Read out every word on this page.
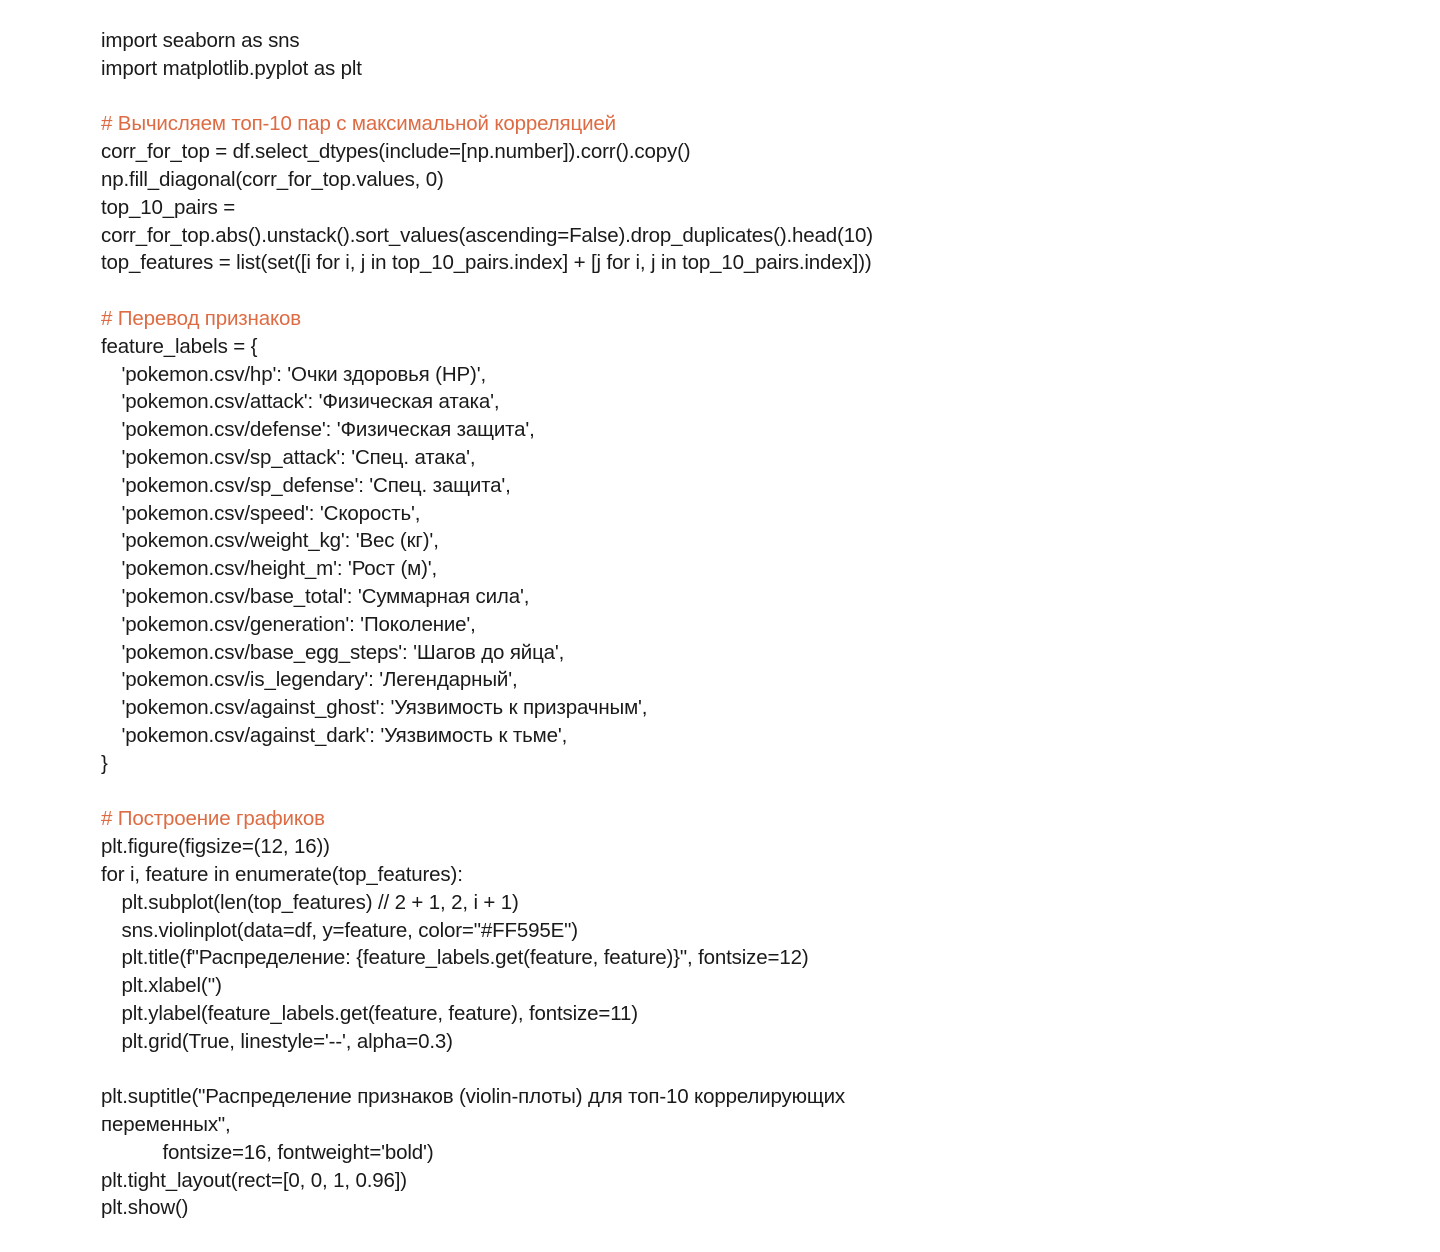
import seaborn as sns
import matplotlib.pyplot as plt

# Вычисляем топ-10 пар с максимальной корреляцией
corr_for_top = df.select_dtypes(include=[np.number]).corr().copy()
np.fill_diagonal(corr_for_top.values, 0)
top_10_pairs =
corr_for_top.abs().unstack().sort_values(ascending=False).drop_duplicates().head(10)
top_features = list(set([i for i, j in top_10_pairs.index] + [j for i, j in top_10_pairs.index]))

# Перевод признаков
feature_labels = {
'pokemon.csv/hp': 'Очки здоровья (HP)',
'pokemon.csv/attack': 'Физическая атака',
'pokemon.csv/defense': 'Физическая защита',
'pokemon.csv/sp_attack': 'Спец. атака',
'pokemon.csv/sp_defense': 'Спец. защита',
'pokemon.csv/speed': 'Скорость',
'pokemon.csv/weight_kg': 'Вес (кг)',
'pokemon.csv/height_m': 'Рост (м)',
'pokemon.csv/base_total': 'Суммарная сила',
'pokemon.csv/generation': 'Поколение',
'pokemon.csv/base_egg_steps': 'Шагов до яйца',
'pokemon.csv/is_legendary': 'Легендарный',
'pokemon.csv/against_ghost': 'Уязвимость к призрачным',
'pokemon.csv/against_dark': 'Уязвимость к тьме',
}

# Построение графиков
plt.figure(figsize=(12, 16))
for i, feature in enumerate(top_features):
plt.subplot(len(top_features) // 2 + 1, 2, i + 1)
sns.violinplot(data=df, y=feature, color="#FF595E")
plt.title(f"Распределение: {feature_labels.get(feature, feature)}", fontsize=12)
plt.xlabel('')
plt.ylabel(feature_labels.get(feature, feature), fontsize=11)
plt.grid(True, linestyle='--', alpha=0.3)

plt.suptitle("Распределение признаков (violin-плоты) для топ-10 коррелирующих
переменных",
fontsize=16, fontweight='bold')
plt.tight_layout(rect=[0, 0, 1, 0.96])
plt.show()
